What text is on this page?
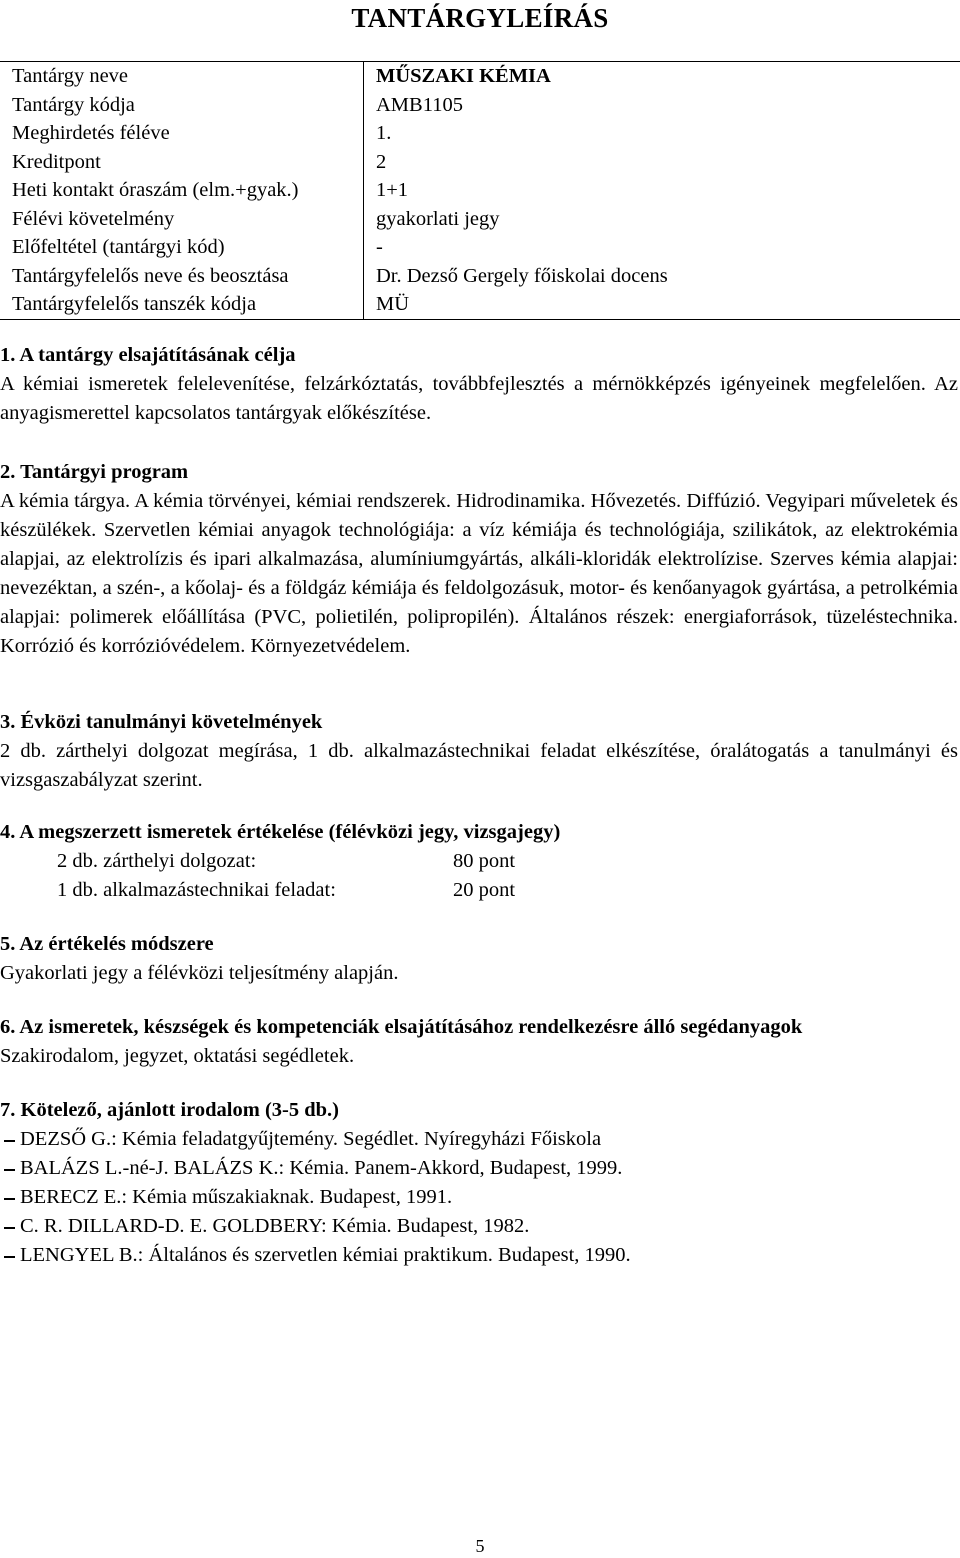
TANTÁRGYLEÍRÁS
Tantárgy neve	MŰSZAKI KÉMIA
Tantárgy kódja	AMB1105
Meghirdetés féléve	1.
Kreditpont	2
Heti kontakt óraszám (elm.+gyak.)	1+1
Félévi követelmény	gyakorlati jegy
Előfeltétel (tantárgyi kód)	-
Tantárgyfelelős neve és beosztása	Dr. Dezső Gergely főiskolai docens
Tantárgyfelelős tanszék kódja	MÜ
1. A tantárgy elsajátításának célja

A kémiai ismeretek felelevenítése, felzárkóztatás, továbbfejlesztés a mérnökképzés igényeinek megfelelően. Az anyagismerettel kapcsolatos tantárgyak előkészítése.

2. Tantárgyi program

A kémia tárgya. A kémia törvényei, kémiai rendszerek. Hidrodinamika. Hővezetés. Diffúzió. Vegyipari műveletek és készülékek. Szervetlen kémiai anyagok technológiája: a víz kémiája és technológiája, szilikátok, az elektrokémia alapjai, az elektrolízis és ipari alkalmazása, alumíniumgyártás, alkáli-kloridák elektrolízise. Szerves kémia alapjai: nevezéktan, a szén-, a kőolaj- és a földgáz kémiája és feldolgozásuk, motor- és kenőanyagok gyártása, a petrolkémia alapjai: polimerek előállítása (PVC, polietilén, polipropilén). Általános részek: energiaforrások, tüzeléstechnika. Korrózió és korrózióvédelem. Környezetvédelem.

3. Évközi tanulmányi követelmények

2 db. zárthelyi dolgozat megírása, 1 db. alkalmazástechnikai feladat elkészítése, óralátogatás a tanulmányi és vizsgaszabályzat szerint.

4. A megszerzett ismeretek értékelése (félévközi jegy, vizsgajegy)
2 db. zárthelyi dolgozat:	80 pont
1 db. alkalmazástechnikai feladat:	20 pont
5. Az értékelés módszere

Gyakorlati jegy a félévközi teljesítmény alapján.

6. Az ismeretek, készségek és kompetenciák elsajátításához rendelkezésre álló segédanyagok

Szakirodalom, jegyzet, oktatási segédletek.

7. Kötelező, ajánlott irodalom (3-5 db.)
DEZSŐ G.: Kémia feladatgyűjtemény. Segédlet. Nyíregyházi Főiskola
BALÁZS L.-né-J. BALÁZS K.: Kémia. Panem-Akkord, Budapest, 1999.
BERECZ E.: Kémia műszakiaknak. Budapest, 1991.
C. R. DILLARD-D. E. GOLDBERY: Kémia. Budapest, 1982.
LENGYEL B.: Általános és szervetlen kémiai praktikum. Budapest, 1990.
5
